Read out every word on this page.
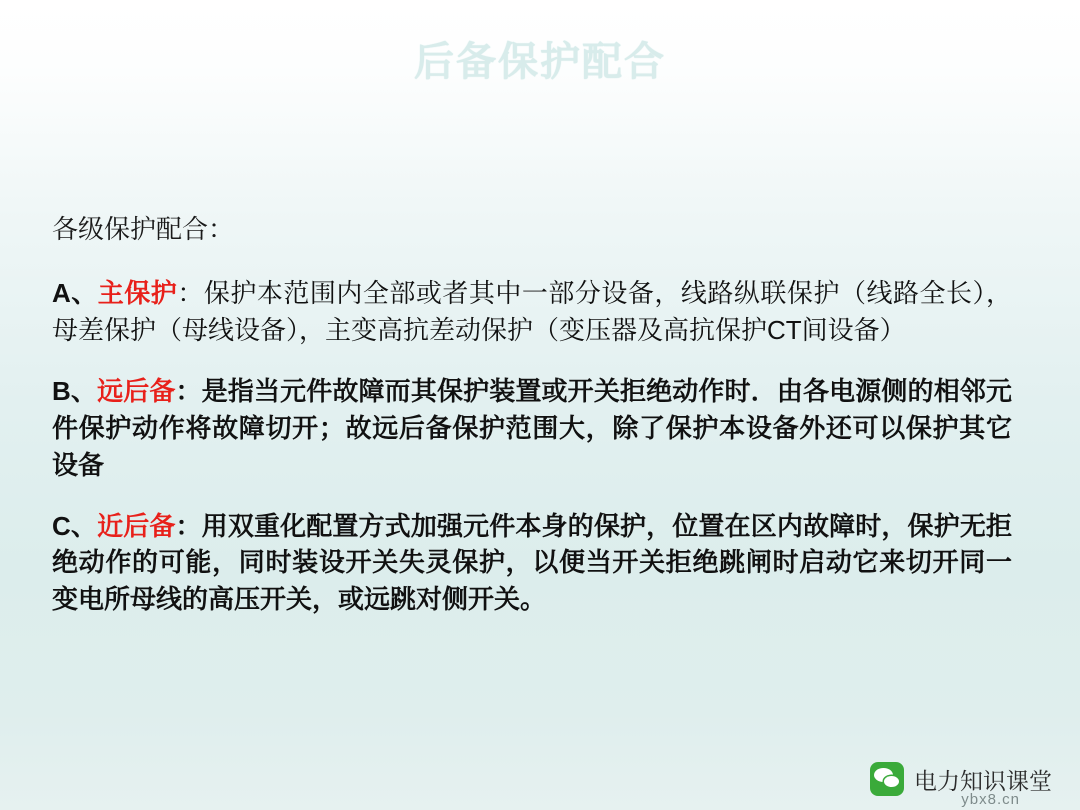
后备保护配合
各级保护配合：
A、主保护：保护本范围内全部或者其中一部分设备，线路纵联保护（线路全长），母差保护（母线设备），主变高抗差动保护（变压器及高抗保护CT间设备）
B、远后备：是指当元件故障而其保护装置或开关拒绝动作时．由各电源侧的相邻元件保护动作将故障切开；故远后备保护范围大，除了保护本设备外还可以保护其它设备
C、近后备：用双重化配置方式加强元件本身的保护，位置在区内故障时，保护无拒绝动作的可能，同时装设开关失灵保护，以便当开关拒绝跳闸时启动它来切开同一变电所母线的高压开关，或远跳对侧开关。
电力知识课堂
ybx8.cn
